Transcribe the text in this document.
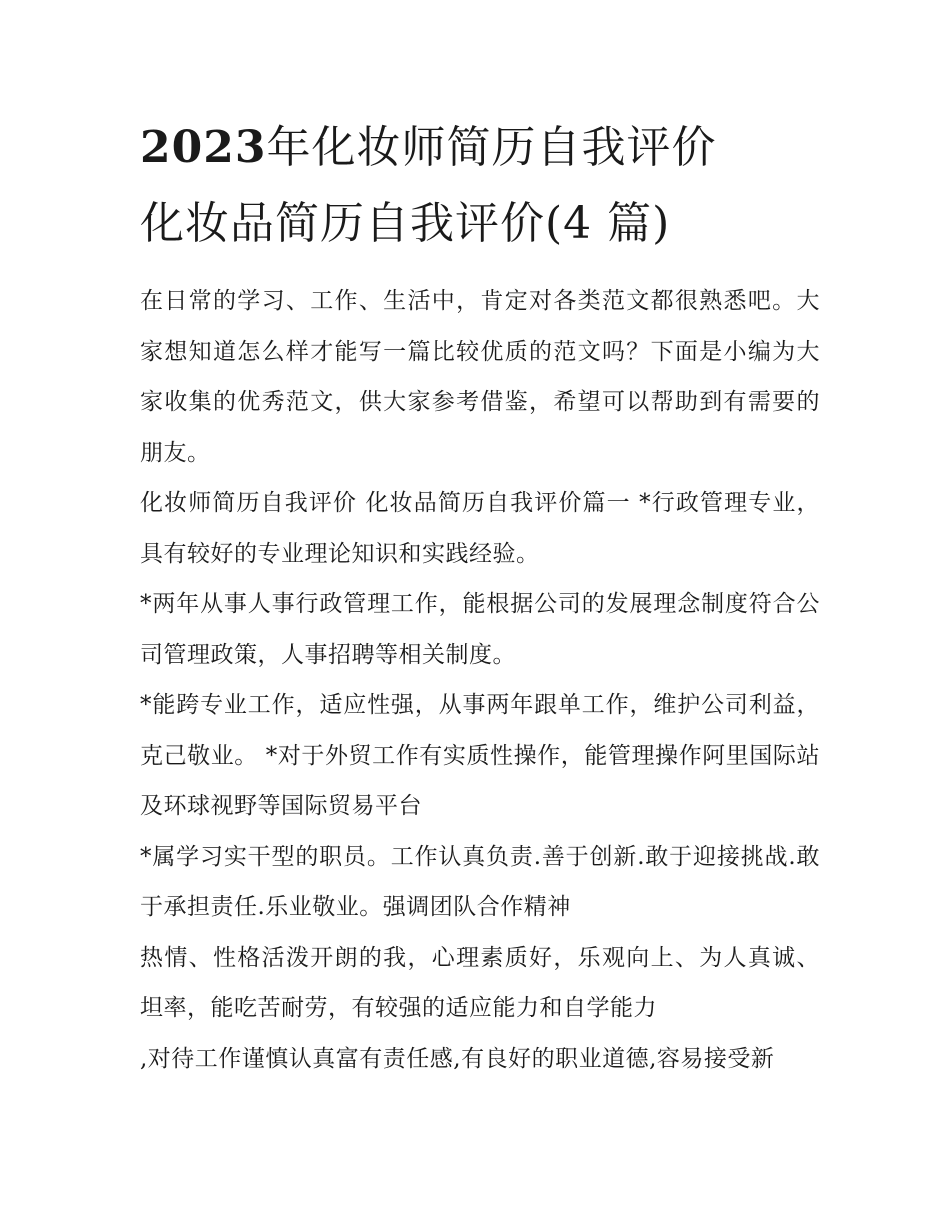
2023年化妆师简历自我评价
化妆品简历自我评价(4 篇)

在日常的学习、工作、生活中，肯定对各类范文都很熟悉吧。大家想知道怎么样才能写一篇比较优质的范文吗？下面是小编为大家收集的优秀范文，供大家参考借鉴，希望可以帮助到有需要的朋友。

化妆师简历自我评价 化妆品简历自我评价篇一 *行政管理专业，具有较好的专业理论知识和实践经验。

*两年从事人事行政管理工作，能根据公司的发展理念制度符合公司管理政策，人事招聘等相关制度。

*能跨专业工作，适应性强，从事两年跟单工作，维护公司利益，克己敬业。 *对于外贸工作有实质性操作，能管理操作阿里国际站及环球视野等国际贸易平台

*属学习实干型的职员。工作认真负责.善于创新.敢于迎接挑战.敢于承担责任.乐业敬业。强调团队合作精神

热情、性格活泼开朗的我，心理素质好，乐观向上、为人真诚、坦率，能吃苦耐劳，有较强的适应能力和自学能力

,对待工作谨慎认真富有责任感,有良好的职业道德,容易接受新
